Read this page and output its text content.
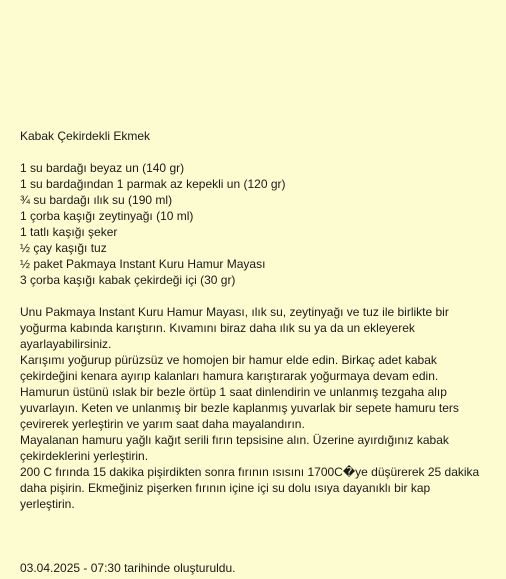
Kabak Çekirdekli Ekmek
1 su bardağı beyaz un (140 gr)
1 su bardağından 1 parmak az kepekli un (120 gr)
¾ su bardağı ılık su (190 ml)
1 çorba kaşığı zeytinyağı (10 ml)
1 tatlı kaşığı şeker
½ çay kaşığı tuz
½ paket Pakmaya Instant Kuru Hamur Mayası
3 çorba kaşığı kabak çekirdeği içi (30 gr)

Unu Pakmaya Instant Kuru Hamur Mayası, ılık su, zeytinyağı ve tuz ile birlikte bir yoğurma kabında karıştırın. Kıvamını biraz daha ılık su ya da un ekleyerek ayarlayabilirsiniz.

Karışımı yoğurup pürüzsüz ve homojen bir hamur elde edin. Birkaç adet kabak çekirdeğini kenara ayırıp kalanları hamura karıştırarak yoğurmaya devam edin.

Hamurun üstünü ıslak bir bezle örtüp 1 saat dinlendirin ve unlanmış tezgaha alıp yuvarlayın. Keten ve unlanmış bir bezle kaplanmış yuvarlak bir sepete hamuru ters çevirerek yerleştirin ve yarım saat daha mayalandırın.

Mayalanan hamuru yağlı kağıt serili fırın tepsisine alın. Üzerine ayırdığınız kabak çekirdeklerini yerleştirin.

200 C fırında 15 dakika pişirdikten sonra fırının ısısını 1700C�ye düşürerek 25 dakika daha pişirin. Ekmeğiniz pişerken fırının içine içi su dolu ısıya dayanıklı bir kap yerleştirin.

03.04.2025 - 07:30 tarihinde oluşturuldu.
